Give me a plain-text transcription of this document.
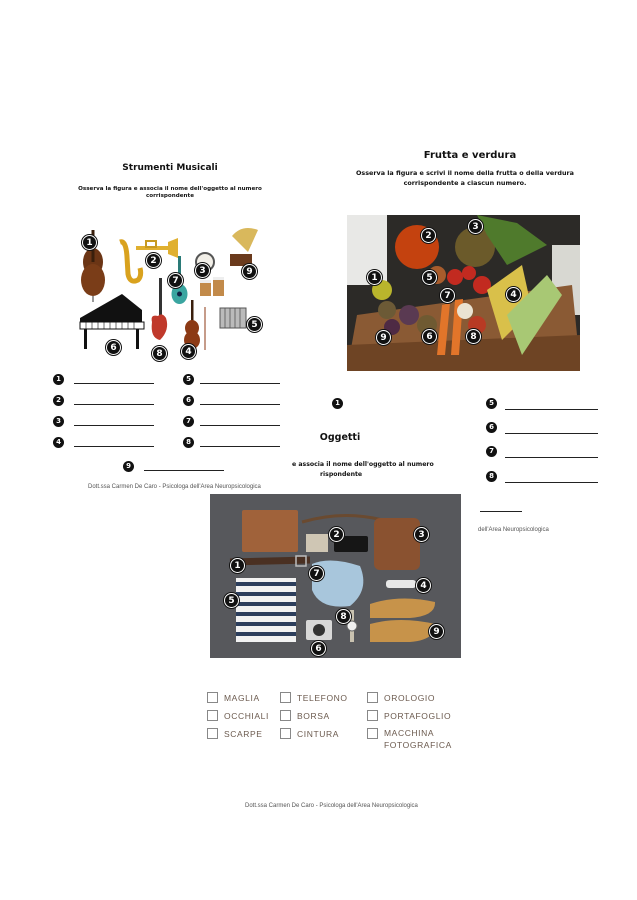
Strumenti Musicali
Osserva la figura e associa il nome dell'oggetto al numero corrispondente
1
2
3
4
5
6
7
8
9
1
2
3
4
5
6
7
8
9
Dott.ssa Carmen De Caro - Psicologa dell'Area Neuropsicologica
Frutta e verdura
Osserva la figura e scrivi il nome della frutta o della verdura
corrispondente a ciascun numero.
1
2
3
4
5
6
7
8
9
1	5
6
7
8
dell'Area Neuropsicologica
Oggetti
e associa il nome dell'oggetto al numero
rispondente
1
2	3
4
5
6
7
8
9
MAGLIA	TELEFONO	OROLOGIO
OCCHIALI	BORSA	PORTAFOGLIO
SCARPE	CINTURA	MACCHINA FOTOGRAFICA
Dott.ssa Carmen De Caro - Psicologa dell'Area Neuropsicologica
